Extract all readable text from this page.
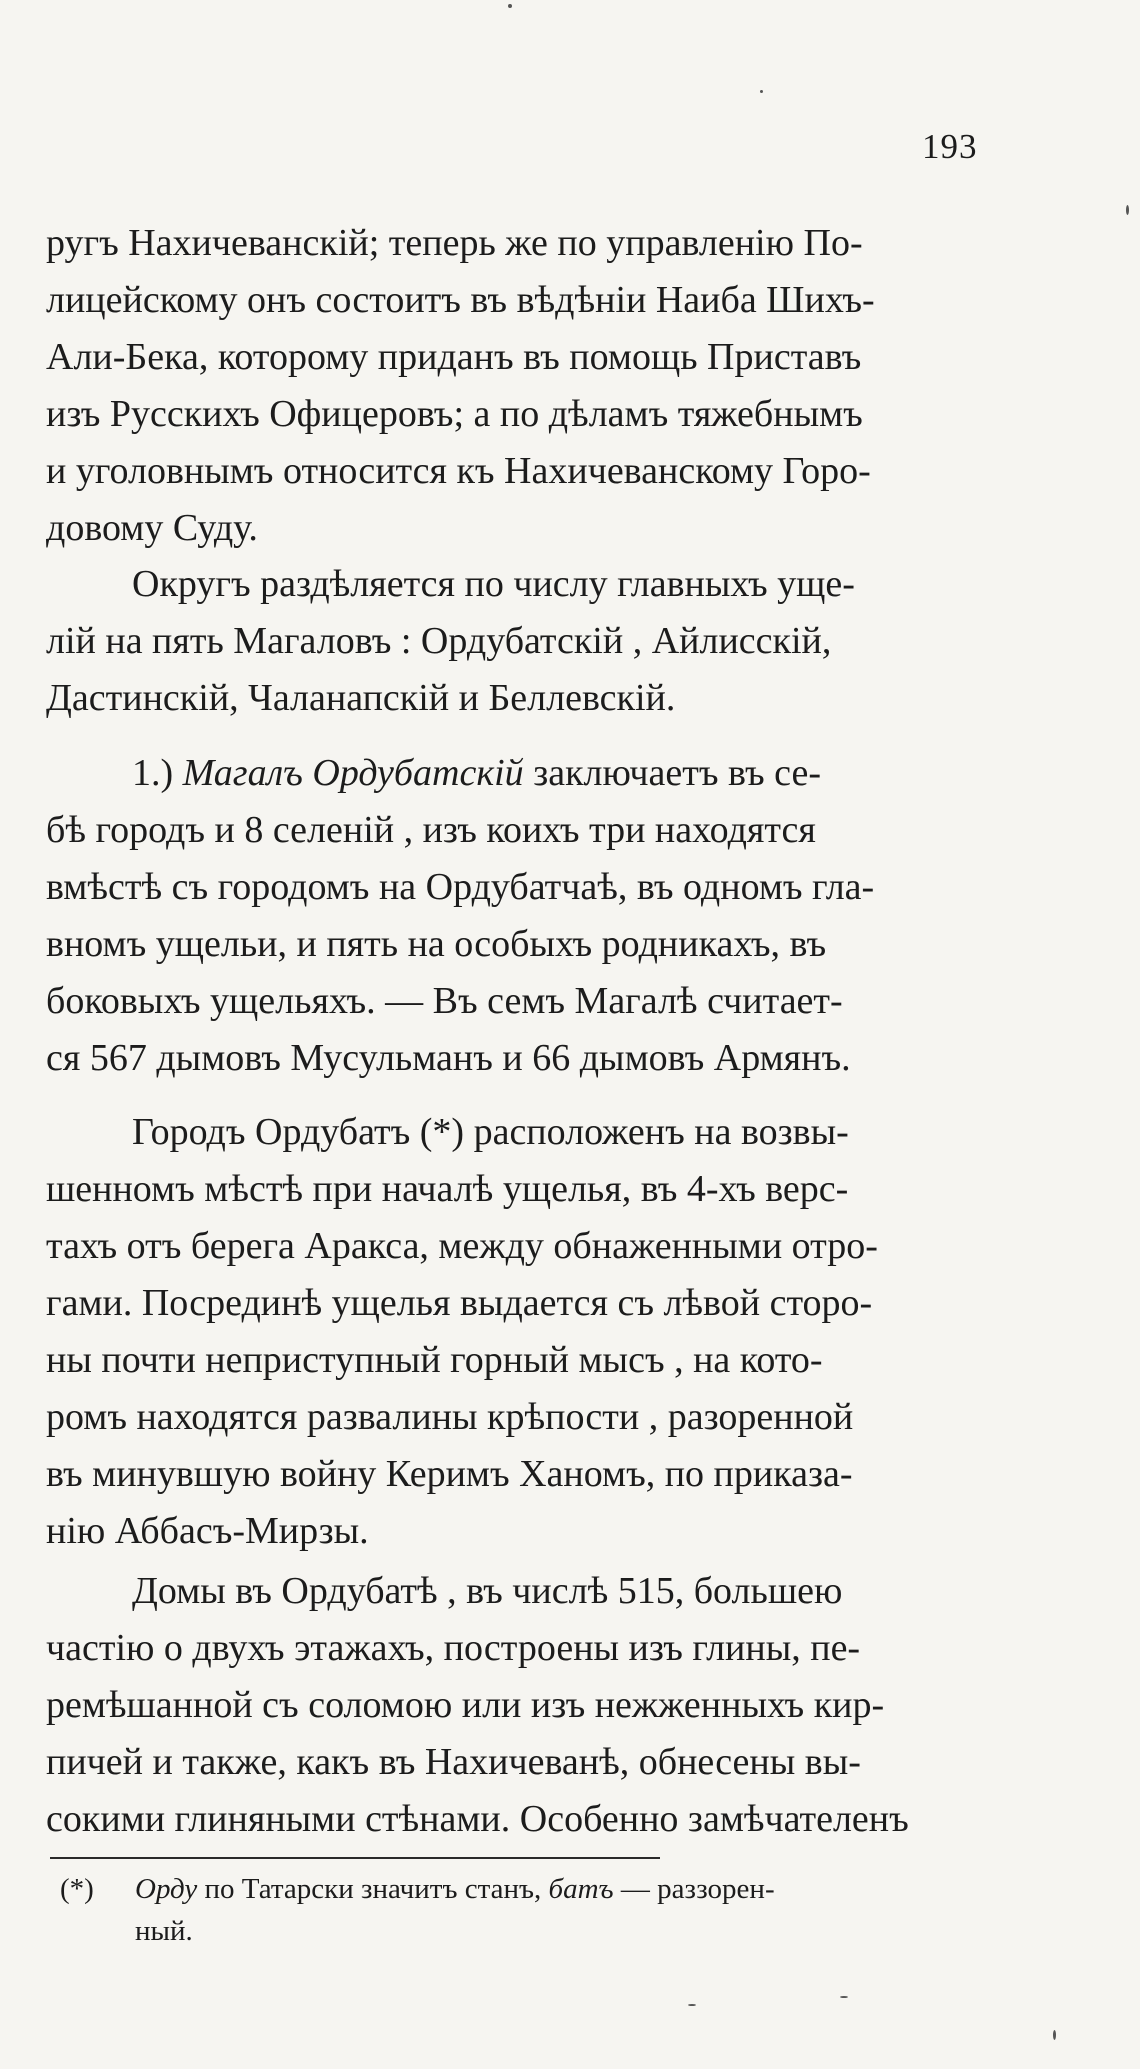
193
ругъ Нахичеванскій; теперь же по управленію По-
лицейскому онъ состоитъ въ вѣдѣніи Наиба Шихъ-
Али-Бека, которому приданъ въ помощь Приставъ
изъ Русскихъ Офицеровъ; а по дѣламъ тяжебнымъ
и уголовнымъ относится къ Нахичеванскому Горо-
довому Суду.
Округъ раздѣляется по числу главныхъ уще-
лій на пять Магаловъ : Ордубатскій , Айлисскій,
Дастинскій, Чаланапскій и Беллевскій.
1.) Магалъ Ордубатскій заключаетъ въ се-
бѣ городъ и 8 селеній , изъ коихъ три находятся
вмѣстѣ съ городомъ на Ордубатчаѣ, въ одномъ гла-
вномъ ущельи, и пять на особыхъ родникахъ, въ
боковыхъ ущельяхъ. — Въ семъ Магалѣ считает-
ся 567 дымовъ Мусульманъ и 66 дымовъ Армянъ.
Городъ Ордубатъ (*) расположенъ на возвы-
шенномъ мѣстѣ при началѣ ущелья, въ 4-хъ верс-
тахъ отъ берега Аракса, между обнаженными отро-
гами. Посрединѣ ущелья выдается съ лѣвой сторо-
ны почти неприступный горный мысъ , на кото-
ромъ находятся развалины крѣпости , разоренной
въ минувшую войну Керимъ Ханомъ, по приказа-
нію Аббасъ-Мирзы.
Домы въ Ордубатѣ , въ числѣ 515, большею
частію о двухъ этажахъ, построены изъ глины, пе-
ремѣшанной съ соломою или изъ нежженныхъ кир-
пичей и также, какъ въ Нахичеванѣ, обнесены вы-
сокими глиняными стѣнами. Особенно замѣчателенъ
(*) Орду по Татарски значитъ станъ, батъ — раззорен-
ный.
